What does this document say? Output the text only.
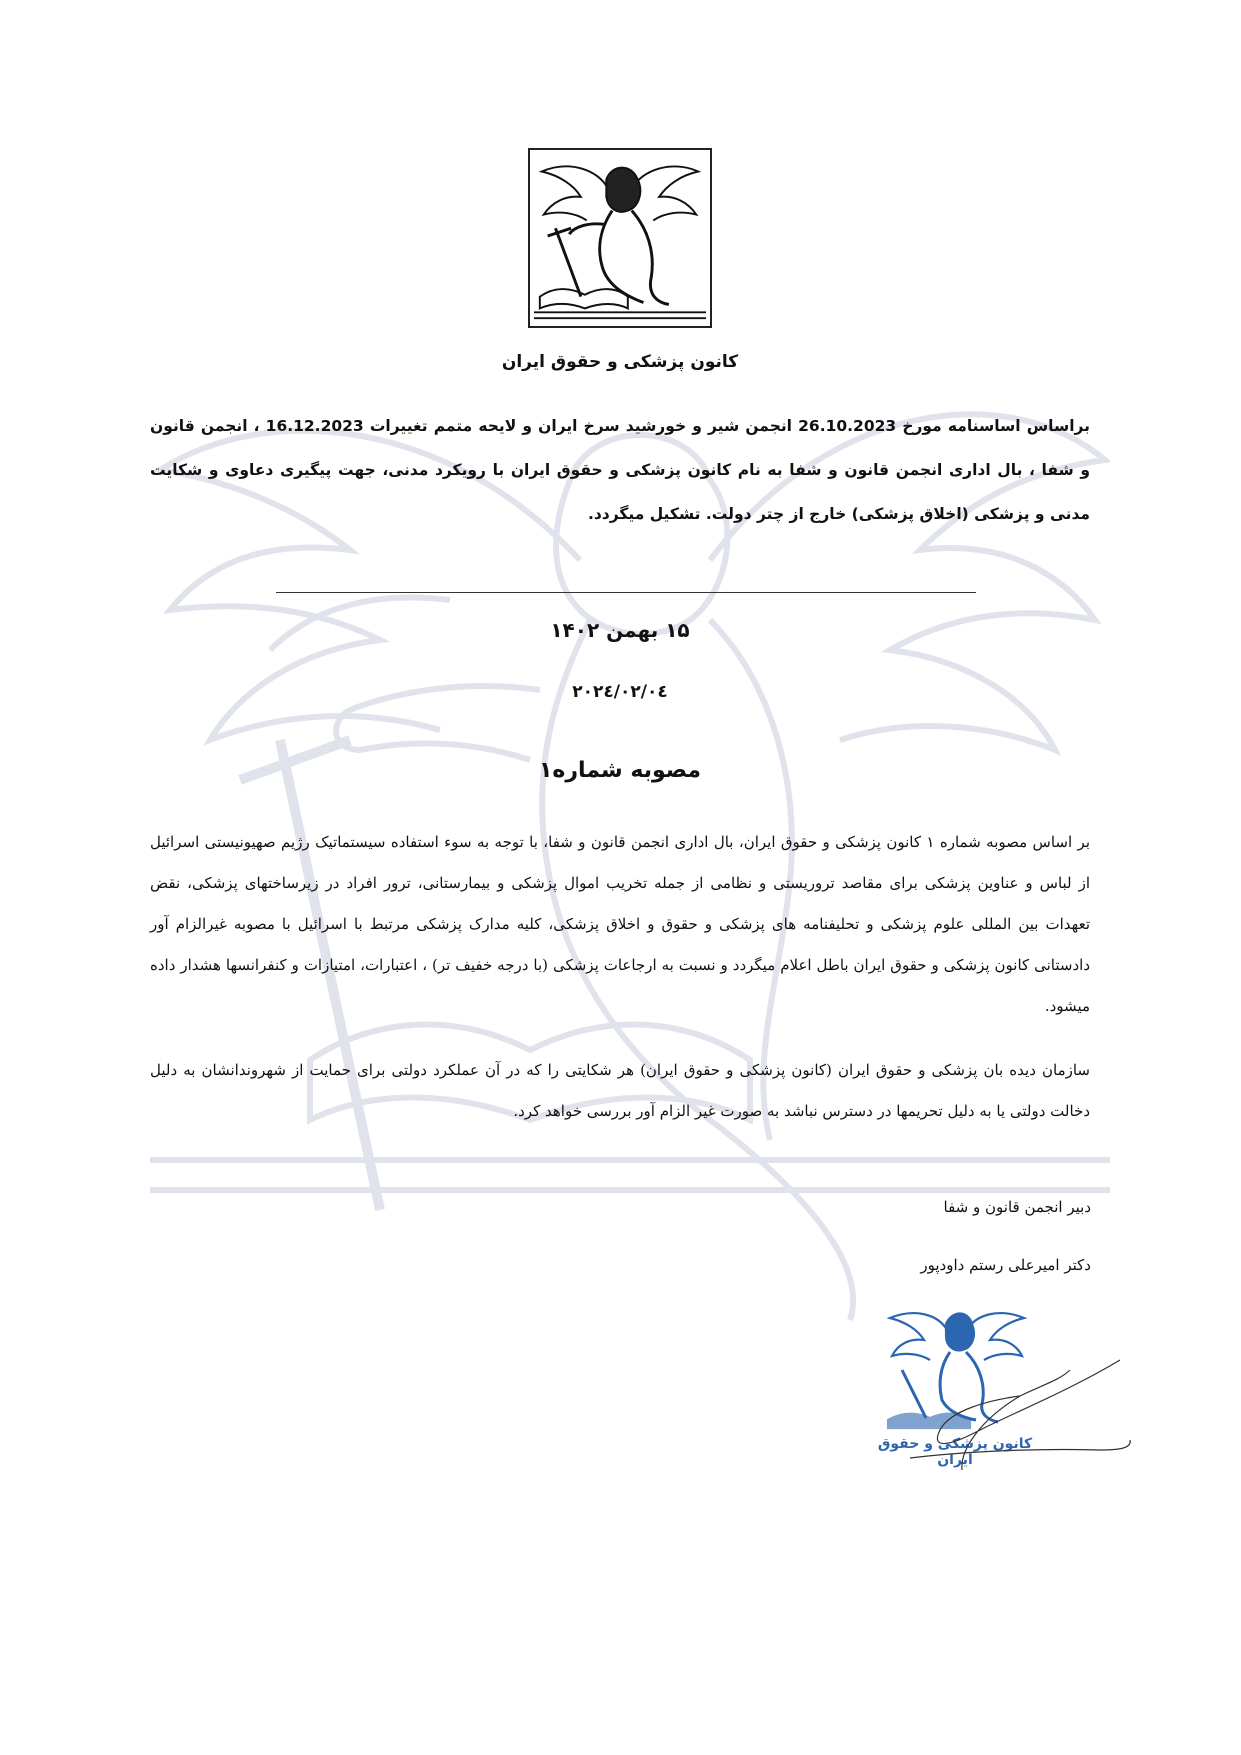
کانون پزشکی و حقوق ایران
براساس اساسنامه مورخ 26.10.2023 انجمن شیر و خورشید سرخ ایران و لایحه متمم تغییرات 16.12.2023 ، انجمن قانون و شفا ، بال اداری انجمن قانون و شفا به نام کانون پزشکی و حقوق ایران با رویکرد مدنی، جهت پیگیری دعاوی و شکایت مدنی و پزشکی (اخلاق پزشکی) خارج از چتر دولت. تشکیل میگردد.
۱۵ بهمن ۱۴۰۲
۲۰۲٤/۰۲/۰٤
مصوبه شماره۱
بر اساس مصوبه شماره ۱ کانون پزشکی و حقوق ایران، بال اداری انجمن قانون و شفا، با توجه به سوء استفاده سیستماتیک رژیم صهیونیستی اسرائیل از لباس و عناوین پزشکی برای مقاصد تروریستی و نظامی از جمله تخریب اموال پزشکی و بیمارستانی، ترور افراد در زیرساختهای پزشکی، نقض تعهدات بین المللی علوم پزشکی و تحلیفنامه های پزشکی و حقوق و اخلاق پزشکی، کلیه مدارک پزشکی مرتبط با اسرائیل با مصوبه غیرالزام آور دادستانی کانون پزشکی و حقوق ایران باطل اعلام میگردد و نسبت به ارجاعات پزشکی (با درجه خفیف تر) ، اعتبارات، امتیازات و کنفرانسها هشدار داده میشود.
سازمان دیده بان پزشکی و حقوق ایران (کانون پزشکی و حقوق ایران) هر شکایتی را که در آن عملکرد دولتی برای حمایت از شهروندانشان به دلیل دخالت دولتی یا به دلیل تحریمها در دسترس نباشد به صورت غیر الزام آور بررسی خواهد کرد.
دبیر انجمن قانون و شفا
دکتر امیرعلی رستم داودپور
کانون پزشکی و حقوق ایران
